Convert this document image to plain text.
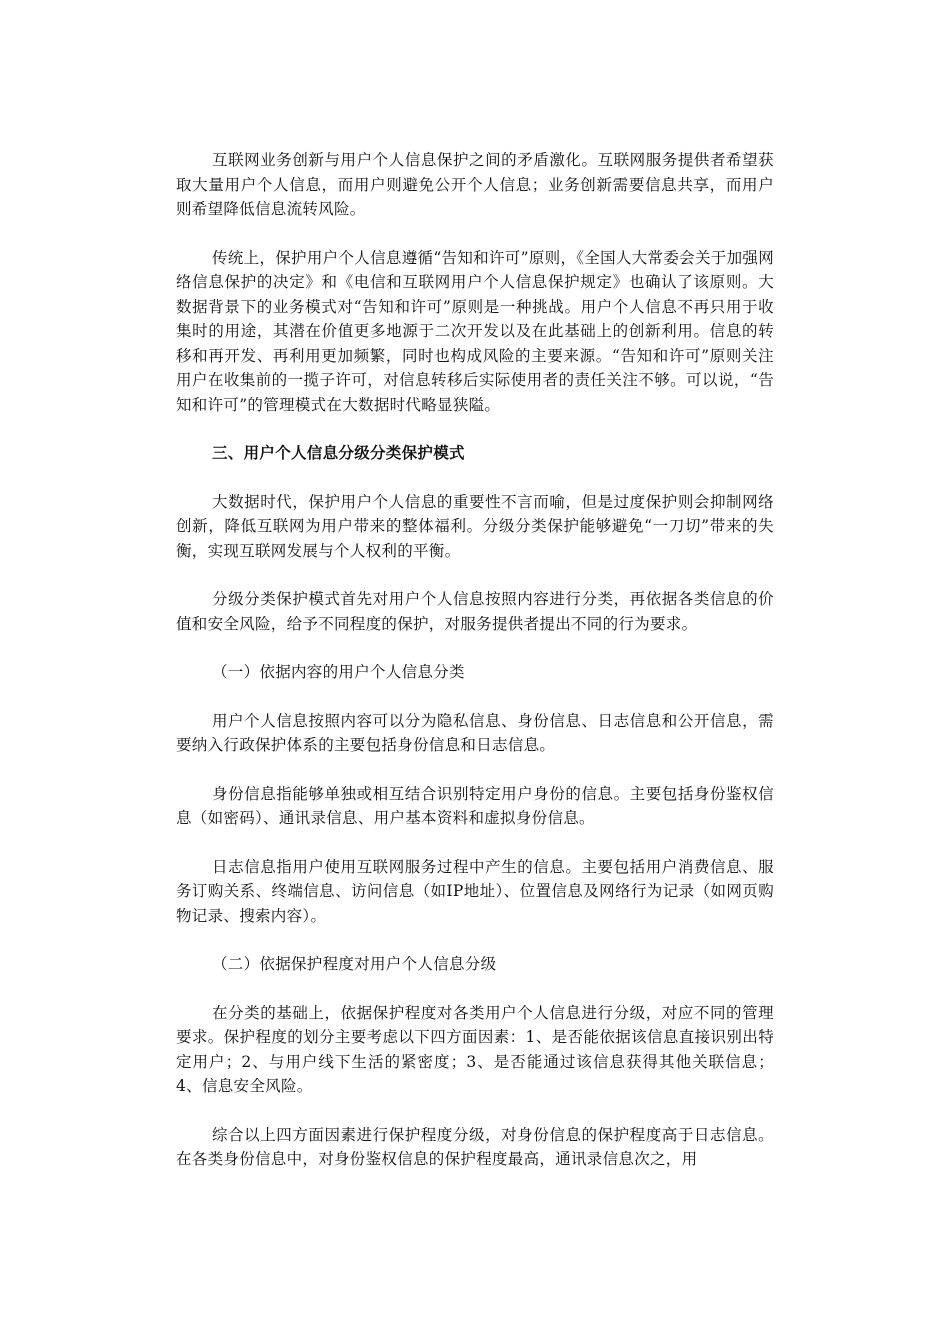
互联网业务创新与用户个人信息保护之间的矛盾激化。互联网服务提供者希望获取大量用户个人信息，而用户则避免公开个人信息；业务创新需要信息共享，而用户则希望降低信息流转风险。

传统上，保护用户个人信息遵循“告知和许可”原则，《全国人大常委会关于加强网络信息保护的决定》和《电信和互联网用户个人信息保护规定》也确认了该原则。大数据背景下的业务模式对“告知和许可”原则是一种挑战。用户个人信息不再只用于收集时的用途，其潜在价值更多地源于二次开发以及在此基础上的创新利用。信息的转移和再开发、再利用更加频繁，同时也构成风险的主要来源。“告知和许可”原则关注用户在收集前的一揽子许可，对信息转移后实际使用者的责任关注不够。可以说，“告知和许可”的管理模式在大数据时代略显狭隘。

三、用户个人信息分级分类保护模式

大数据时代，保护用户个人信息的重要性不言而喻，但是过度保护则会抑制网络创新，降低互联网为用户带来的整体福利。分级分类保护能够避免“一刀切”带来的失衡，实现互联网发展与个人权利的平衡。

分级分类保护模式首先对用户个人信息按照内容进行分类，再依据各类信息的价值和安全风险，给予不同程度的保护，对服务提供者提出不同的行为要求。

（一）依据内容的用户个人信息分类

用户个人信息按照内容可以分为隐私信息、身份信息、日志信息和公开信息，需要纳入行政保护体系的主要包括身份信息和日志信息。

身份信息指能够单独或相互结合识别特定用户身份的信息。主要包括身份鉴权信息（如密码）、通讯录信息、用户基本资料和虚拟身份信息。

日志信息指用户使用互联网服务过程中产生的信息。主要包括用户消费信息、服务订购关系、终端信息、访问信息（如IP地址）、位置信息及网络行为记录（如网页购物记录、搜索内容）。

（二）依据保护程度对用户个人信息分级

在分类的基础上，依据保护程度对各类用户个人信息进行分级，对应不同的管理要求。保护程度的划分主要考虑以下四方面因素：1、是否能依据该信息直接识别出特定用户；2、与用户线下生活的紧密度；3、是否能通过该信息获得其他关联信息；4、信息安全风险。

综合以上四方面因素进行保护程度分级，对身份信息的保护程度高于日志信息。在各类身份信息中，对身份鉴权信息的保护程度最高，通讯录信息次之，用
